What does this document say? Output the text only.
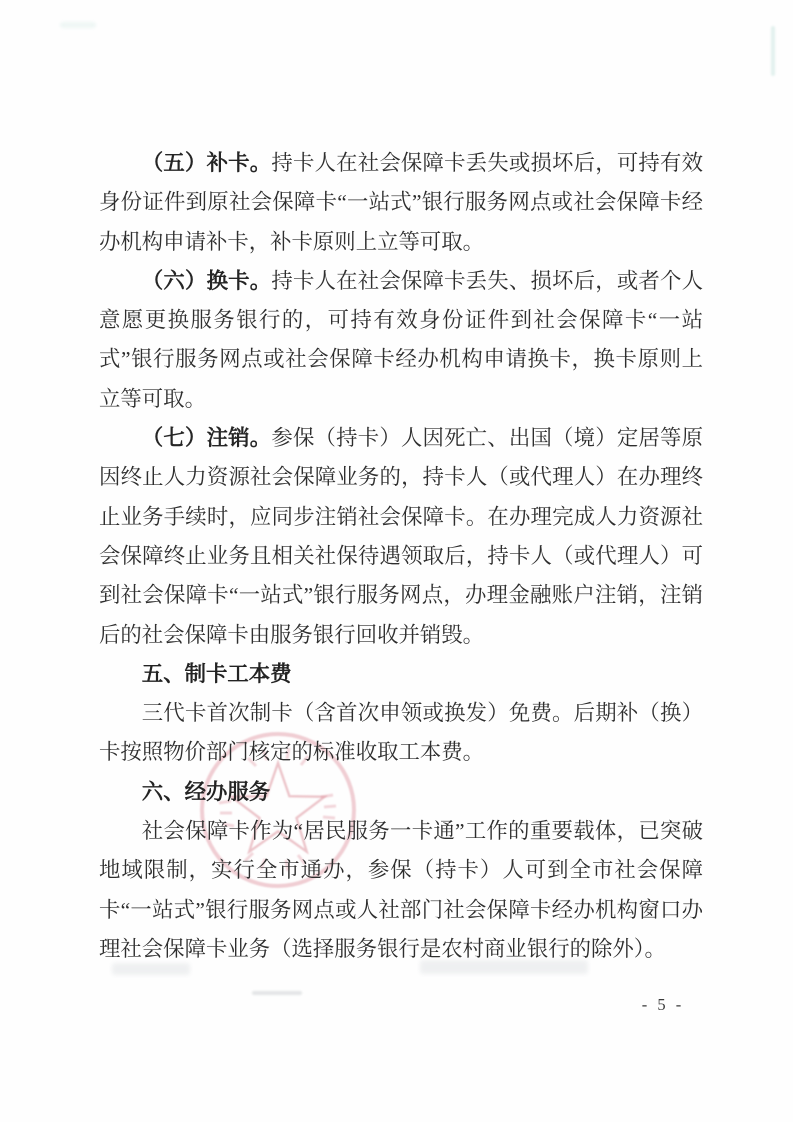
（五）补卡。持卡人在社会保障卡丢失或损坏后，可持有效身份证件到原社会保障卡“一站式”银行服务网点或社会保障卡经办机构申请补卡，补卡原则上立等可取。

（六）换卡。持卡人在社会保障卡丢失、损坏后，或者个人意愿更换服务银行的，可持有效身份证件到社会保障卡“一站式”银行服务网点或社会保障卡经办机构申请换卡，换卡原则上立等可取。

（七）注销。参保（持卡）人因死亡、出国（境）定居等原因终止人力资源社会保障业务的，持卡人（或代理人）在办理终止业务手续时，应同步注销社会保障卡。在办理完成人力资源社会保障终止业务且相关社保待遇领取后，持卡人（或代理人）可到社会保障卡“一站式”银行服务网点，办理金融账户注销，注销后的社会保障卡由服务银行回收并销毁。

五、制卡工本费

三代卡首次制卡（含首次申领或换发）免费。后期补（换）卡按照物价部门核定的标准收取工本费。

六、经办服务

社会保障卡作为“居民服务一卡通”工作的重要载体，已突破地域限制，实行全市通办，参保（持卡）人可到全市社会保障卡“一站式”银行服务网点或人社部门社会保障卡经办机构窗口办理社会保障卡业务（选择服务银行是农村商业银行的除外）。

- 5 -
